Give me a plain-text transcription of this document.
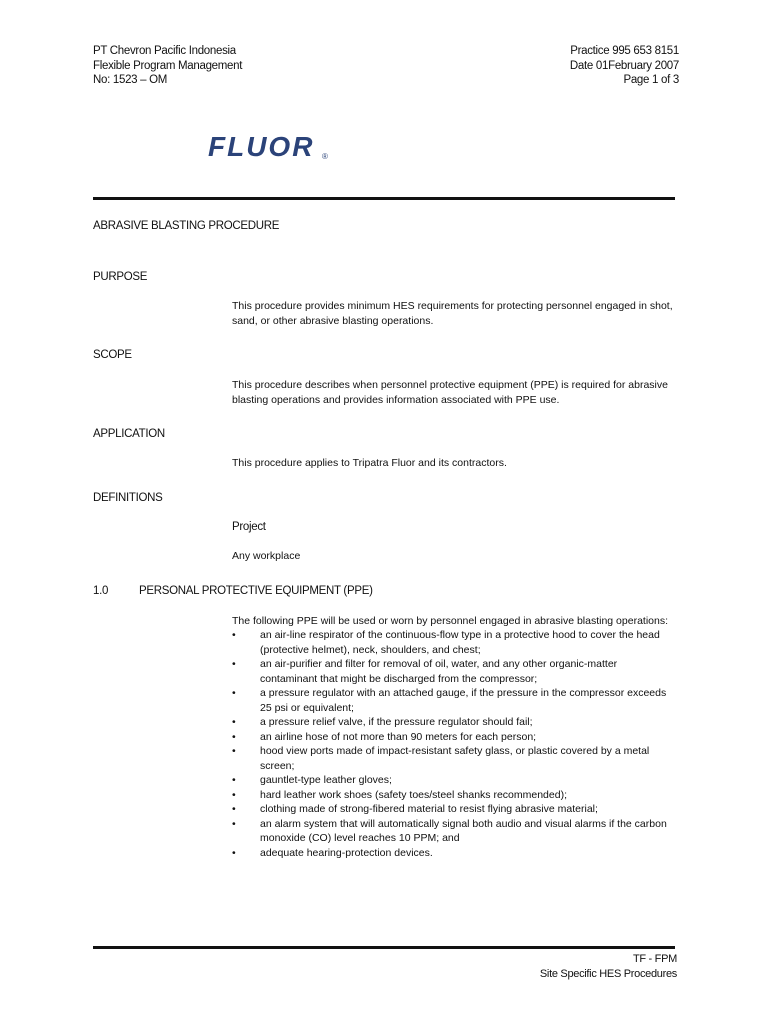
PT Chevron Pacific Indonesia
Flexible Program Management
No: 1523 – OM
Practice 995 653 8151
Date 01February 2007
Page 1 of 3
FLUOR ®
ABRASIVE BLASTING PROCEDURE
PURPOSE
This procedure provides minimum HES requirements for protecting personnel engaged in shot, sand, or other abrasive blasting operations.
SCOPE
This procedure describes when personnel protective equipment (PPE) is required for abrasive blasting operations and provides information associated with PPE use.
APPLICATION
This procedure applies to Tripatra Fluor and its contractors.
DEFINITIONS
Project
Any workplace
1.0	PERSONAL PROTECTIVE EQUIPMENT (PPE)
The following PPE will be used or worn by personnel engaged in abrasive blasting operations:
• an air-line respirator of the continuous-flow type in a protective hood to cover the head (protective helmet), neck, shoulders, and chest;
• an air-purifier and filter for removal of oil, water, and any other organic-matter contaminant that might be discharged from the compressor;
• a pressure regulator with an attached gauge, if the pressure in the compressor exceeds 25 psi or equivalent;
• a pressure relief valve, if the pressure regulator should fail;
• an airline hose of not more than 90 meters for each person;
• hood view ports made of impact-resistant safety glass, or plastic covered by a metal screen;
• gauntlet-type leather gloves;
• hard leather work shoes (safety toes/steel shanks recommended);
• clothing made of strong-fibered material to resist flying abrasive material;
• an alarm system that will automatically signal both audio and visual alarms if the carbon monoxide (CO) level reaches 10 PPM; and
• adequate hearing-protection devices.
TF - FPM
Site Specific HES Procedures
